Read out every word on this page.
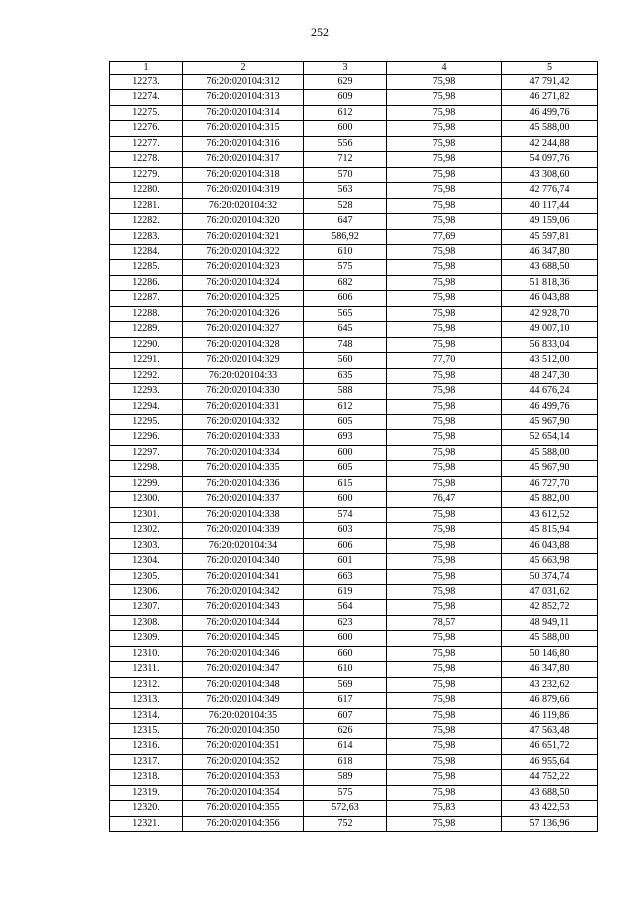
252
1	2	3	4	5
12273.	76:20:020104:312	629	75,98	47 791,42
12274.	76:20:020104:313	609	75,98	46 271,82
12275.	76:20:020104:314	612	75,98	46 499,76
12276.	76:20:020104:315	600	75,98	45 588,00
12277.	76:20:020104:316	556	75,98	42 244,88
12278.	76:20:020104:317	712	75,98	54 097,76
12279.	76:20:020104:318	570	75,98	43 308,60
12280.	76:20:020104:319	563	75,98	42 776,74
12281.	76:20:020104:32	528	75,98	40 117,44
12282.	76:20:020104:320	647	75,98	49 159,06
12283.	76:20:020104:321	586,92	77,69	45 597,81
12284.	76:20:020104:322	610	75,98	46 347,80
12285.	76:20:020104:323	575	75,98	43 688,50
12286.	76:20:020104:324	682	75,98	51 818,36
12287.	76:20:020104:325	606	75,98	46 043,88
12288.	76:20:020104:326	565	75,98	42 928,70
12289.	76:20:020104:327	645	75,98	49 007,10
12290.	76:20:020104:328	748	75,98	56 833,04
12291.	76:20:020104:329	560	77,70	43 512,00
12292.	76:20:020104:33	635	75,98	48 247,30
12293.	76:20:020104:330	588	75,98	44 676,24
12294.	76:20:020104:331	612	75,98	46 499,76
12295.	76:20:020104:332	605	75,98	45 967,90
12296.	76:20:020104:333	693	75,98	52 654,14
12297.	76:20:020104:334	600	75,98	45 588,00
12298.	76:20:020104:335	605	75,98	45 967,90
12299.	76:20:020104:336	615	75,98	46 727,70
12300.	76:20:020104:337	600	76,47	45 882,00
12301.	76:20:020104:338	574	75,98	43 612,52
12302.	76:20:020104:339	603	75,98	45 815,94
12303.	76:20:020104:34	606	75,98	46 043,88
12304.	76:20:020104:340	601	75,98	45 663,98
12305.	76:20:020104:341	663	75,98	50 374,74
12306.	76:20:020104:342	619	75,98	47 031,62
12307.	76:20:020104:343	564	75,98	42 852,72
12308.	76:20:020104:344	623	78,57	48 949,11
12309.	76:20:020104:345	600	75,98	45 588,00
12310.	76:20:020104:346	660	75,98	50 146,80
12311.	76:20:020104:347	610	75,98	46 347,80
12312.	76:20:020104:348	569	75,98	43 232,62
12313.	76:20:020104:349	617	75,98	46 879,66
12314.	76:20:020104:35	607	75,98	46 119,86
12315.	76:20:020104:350	626	75,98	47 563,48
12316.	76:20:020104:351	614	75,98	46 651,72
12317.	76:20:020104:352	618	75,98	46 955,64
12318.	76:20:020104:353	589	75,98	44 752,22
12319.	76:20:020104:354	575	75,98	43 688,50
12320.	76:20:020104:355	572,63	75,83	43 422,53
12321.	76:20:020104:356	752	75,98	57 136,96
